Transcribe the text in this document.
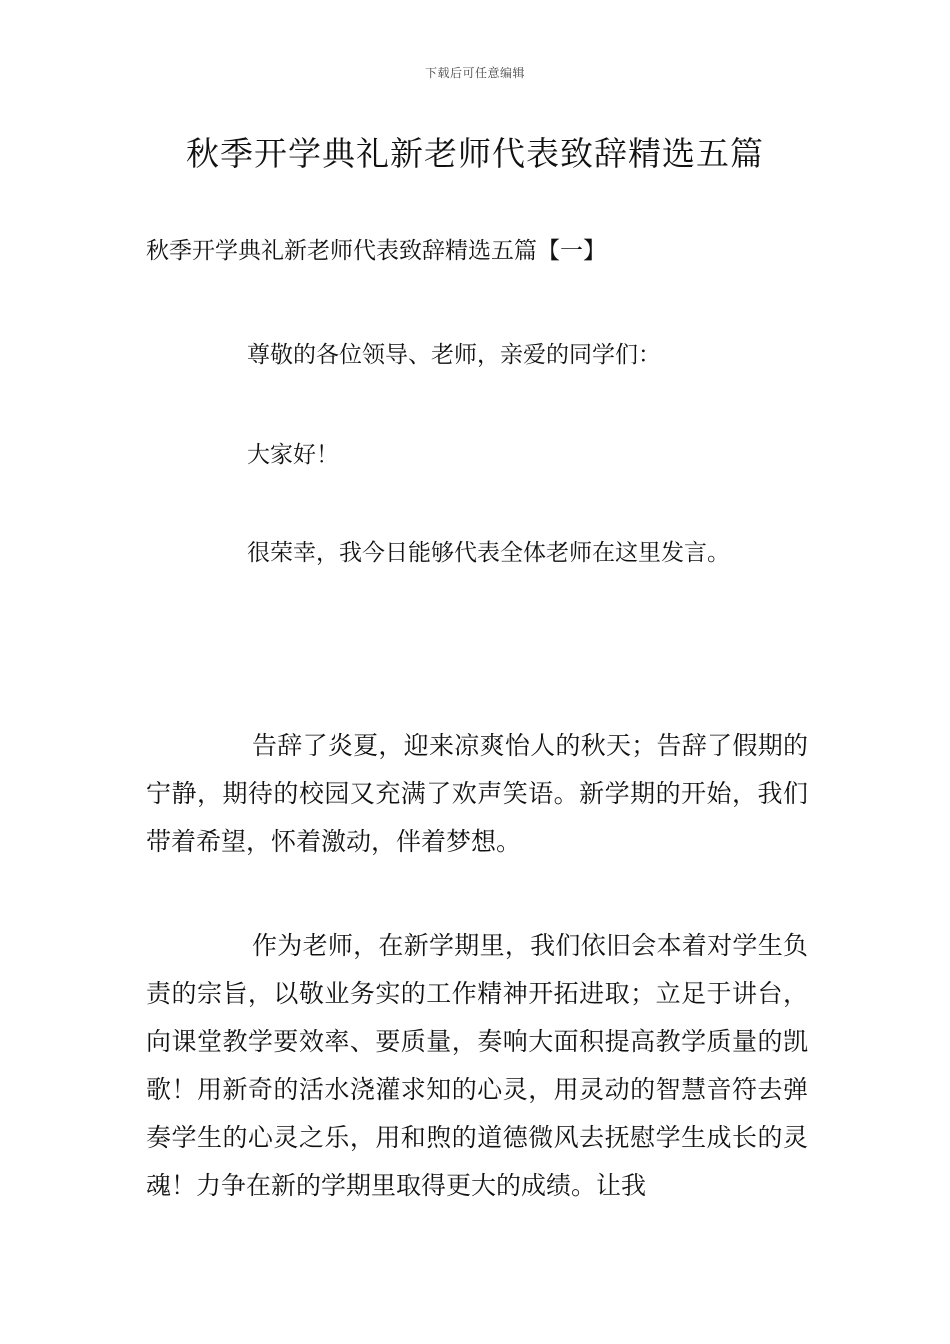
下载后可任意编辑
秋季开学典礼新老师代表致辞精选五篇
秋季开学典礼新老师代表致辞精选五篇【一】
尊敬的各位领导、老师，亲爱的同学们：
大家好！
很荣幸，我今日能够代表全体老师在这里发言。
告辞了炎夏，迎来凉爽怡人的秋天；告辞了假期的宁静，期待的校园又充满了欢声笑语。新学期的开始，我们带着希望，怀着激动，伴着梦想。
作为老师，在新学期里，我们依旧会本着对学生负责的宗旨，以敬业务实的工作精神开拓进取；立足于讲台，向课堂教学要效率、要质量，奏响大面积提高教学质量的凯歌！用新奇的活水浇灌求知的心灵，用灵动的智慧音符去弹奏学生的心灵之乐，用和煦的道德微风去抚慰学生成长的灵魂！力争在新的学期里取得更大的成绩。让我
